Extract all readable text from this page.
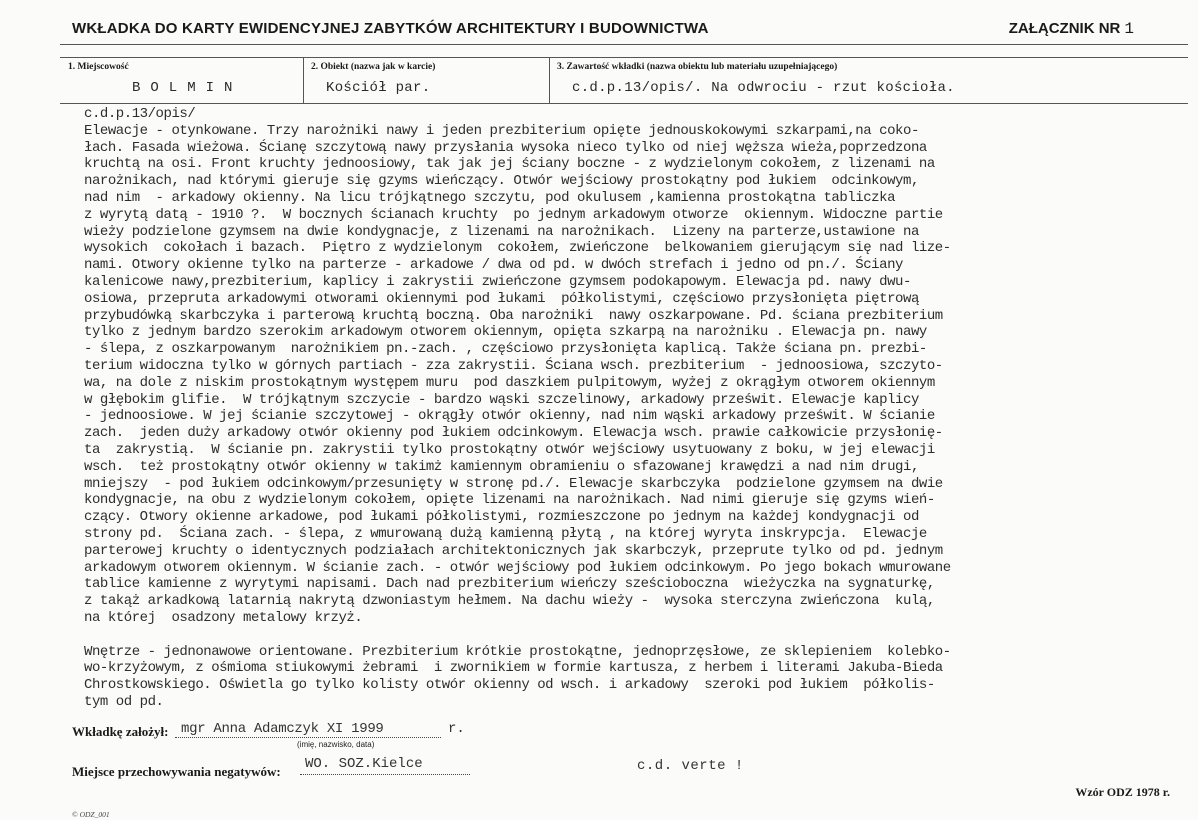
WKŁADKA DO KARTY EWIDENCYJNEJ ZABYTKÓW ARCHITEKTURY I BUDOWNICTWA	ZAŁĄCZNIK NR 1
1. Miejscowość
BOLMIN
2. Obiekt (nazwa jak w karcie)
Kościół par.
3. Zawartość wkładki (nazwa obiektu lub materiału uzupełniającego)
c.d.p.13/opis/. Na odwrociu - rzut kościoła.
c.d.p.13/opis/
Elewacje - otynkowane. Trzy narożniki nawy i jeden prezbiterium opięte jednouskokowymi szkarpami,na coko-
łach. Fasada wieżowa. Ścianę szczytową nawy przysłania wysoka nieco tylko od niej węższa wieża,poprzedzona
kruchtą na osi. Front kruchty jednoosiowy, tak jak jej ściany boczne - z wydzielonym cokołem, z lizenami na
narożnikach, nad którymi gieruje się gzyms wieńczący. Otwór wejściowy prostokątny pod łukiem  odcinkowym,
nad nim  - arkadowy okienny. Na licu trójkątnego szczytu, pod okulusem ,kamienna prostokątna tabliczka
z wyrytą datą - 1910 ?.  W bocznych ścianach kruchty  po jednym arkadowym otworze  okiennym. Widoczne partie
wieży podzielone gzymsem na dwie kondygnacje, z lizenami na narożnikach.  Lizeny na parterze,ustawione na
wysokich  cokołach i bazach.  Piętro z wydzielonym  cokołem, zwieńczone  belkowaniem gierującym się nad lize-
nami. Otwory okienne tylko na parterze - arkadowe / dwa od pd. w dwóch strefach i jedno od pn./. Ściany
kalenicowe nawy,prezbiterium, kaplicy i zakrystii zwieńczone gzymsem podokapowym. Elewacja pd. nawy dwu-
osiowa, przepruta arkadowymi otworami okiennymi pod łukami  półkolistymi, częściowo przysłonięta piętrową
przybudówką skarbczyka i parterową kruchtą boczną. Oba narożniki  nawy oszkarpowane. Pd. ściana prezbiterium
tylko z jednym bardzo szerokim arkadowym otworem okiennym, opięta szkarpą na narożniku . Elewacja pn. nawy
- ślepa, z oszkarpowanym  narożnikiem pn.-zach. , częściowo przysłonięta kaplicą. Także ściana pn. prezbi-
terium widoczna tylko w górnych partiach - zza zakrystii. Ściana wsch. prezbiterium  - jednoosiowa, szczyto-
wa, na dole z niskim prostokątnym występem muru  pod daszkiem pulpitowym, wyżej z okrągłym otworem okiennym
w głębokim glifie.  W trójkątnym szczycie - bardzo wąski szczelinowy, arkadowy prześwit. Elewacje kaplicy
- jednoosiowe. W jej ścianie szczytowej - okrągły otwór okienny, nad nim wąski arkadowy prześwit. W ścianie
zach.  jeden duży arkadowy otwór okienny pod łukiem odcinkowym. Elewacja wsch. prawie całkowicie przysłonię-
ta  zakrystią.  W ścianie pn. zakrystii tylko prostokątny otwór wejściowy usytuowany z boku, w jej elewacji
wsch.  też prostokątny otwór okienny w takimż kamiennym obramieniu o sfazowanej krawędzi a nad nim drugi,
mniejszy  - pod łukiem odcinkowym/przesunięty w stronę pd./. Elewacje skarbczyka  podzielone gzymsem na dwie
kondygnacje, na obu z wydzielonym cokołem, opięte lizenami na narożnikach. Nad nimi gieruje się gzyms wień-
czący. Otwory okienne arkadowe, pod łukami półkolistymi, rozmieszczone po jednym na każdej kondygnacji od
strony pd.  Ściana zach. - ślepa, z wmurowaną dużą kamienną płytą , na której wyryta inskrypcja.  Elewacje
parterowej kruchty o identycznych podziałach architektonicznych jak skarbczyk, przeprute tylko od pd. jednym
arkadowym otworem okiennym. W ścianie zach. - otwór wejściowy pod łukiem odcinkowym. Po jego bokach wmurowane
tablice kamienne z wyrytymi napisami. Dach nad prezbiterium wieńczy sześcioboczna  wieżyczka na sygnaturkę,
z takąż arkadkową latarnią nakrytą dzwoniastym hełmem. Na dachu wieży -  wysoka sterczyna zwieńczona  kulą,
na której  osadzony metalowy krzyż.
Wnętrze - jednonawowe orientowane. Prezbiterium krótkie prostokątne, jednoprzęsłowe, ze sklepieniem  kolebko-
wo-krzyżowym, z ośmioma stiukowymi żebrami  i zwornikiem w formie kartusza, z herbem i literami Jakuba-Bieda
Chrostkowskiego. Oświetla go tylko kolisty otwór okienny od wsch. i arkadowy  szeroki pod łukiem  półkolis-
tym od pd.
Wkładkę założył: mgr Anna Adamczyk XI 1999	r.
(imię, nazwisko, data)
Miejsce przechowywania negatywów: WO. SOZ.Kielce	c.d. verte !
Wzór ODZ 1978 r.
© ODZ_001
